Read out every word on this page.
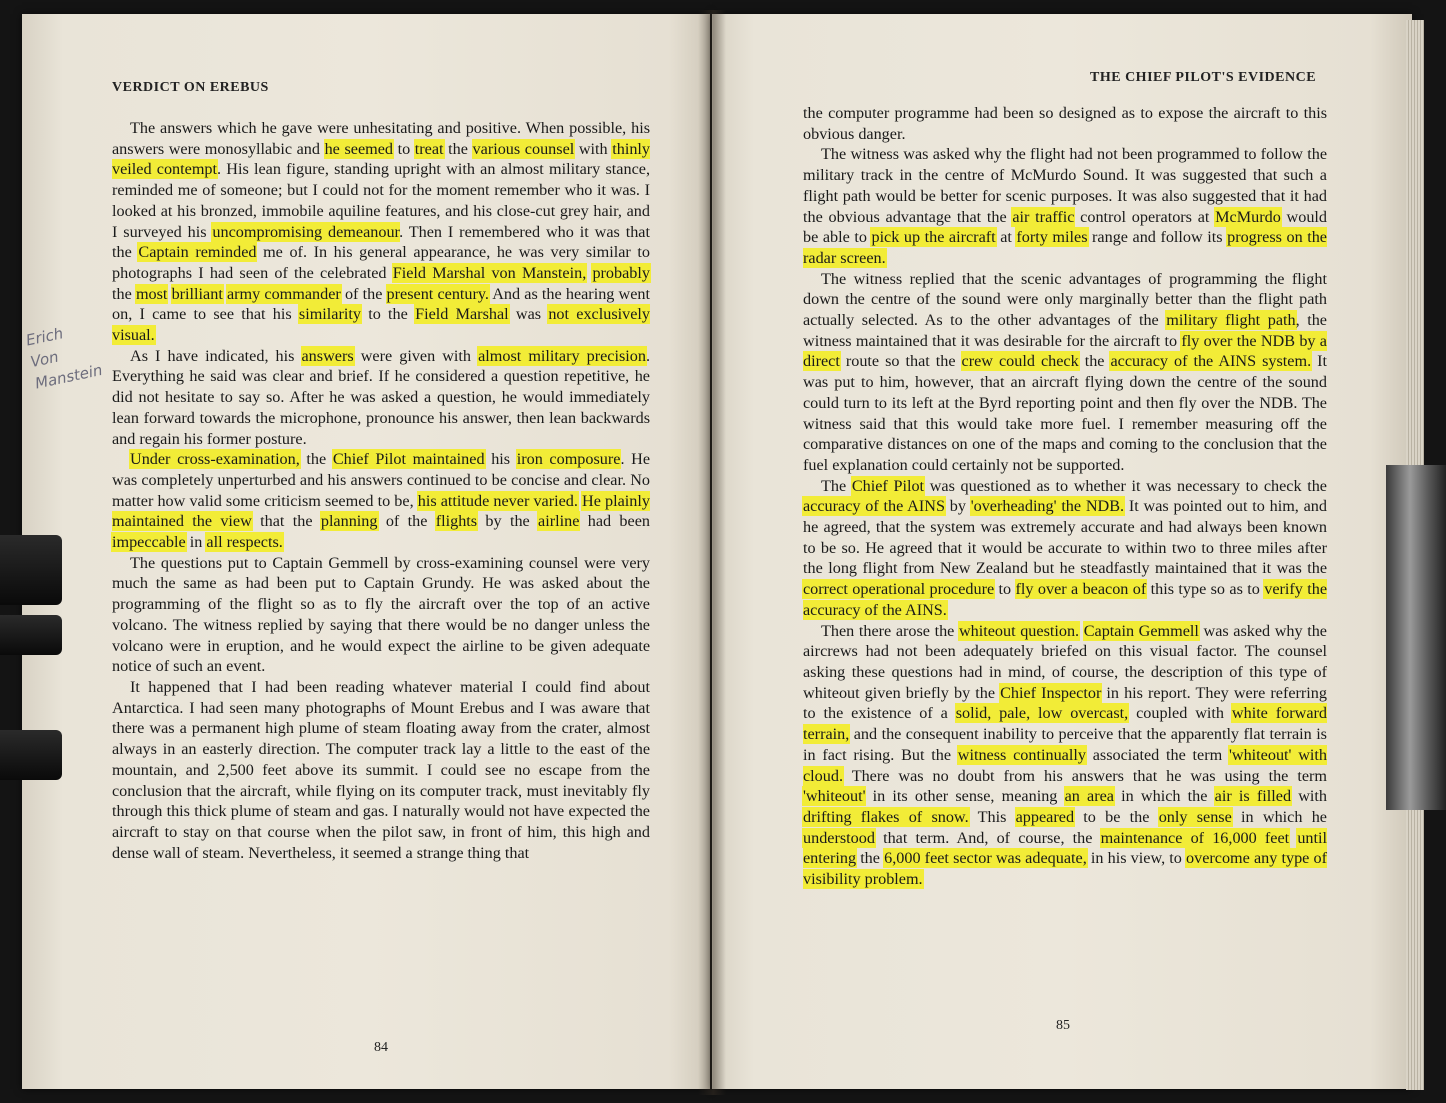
VERDICT ON EREBUS
THE CHIEF PILOT'S EVIDENCE
Erich Von Manstein

The answers which he gave were unhesitating and positive. When possible, his answers were monosyllabic and he seemed to treat the various counsel with thinly veiled contempt. His lean figure, standing upright with an almost military stance, reminded me of someone; but I could not for the moment remember who it was. I looked at his bronzed, immobile aquiline features, and his close-cut grey hair, and I surveyed his uncompromising demeanour. Then I remembered who it was that the Captain reminded me of. In his general appearance, he was very similar to photographs I had seen of the celebrated Field Marshal von Manstein, probably the most brilliant army commander of the present century. And as the hearing went on, I came to see that his similarity to the Field Marshal was not exclusively visual.

As I have indicated, his answers were given with almost military precision. Everything he said was clear and brief. If he considered a question repetitive, he did not hesitate to say so. After he was asked a question, he would immediately lean forward towards the microphone, pronounce his answer, then lean backwards and regain his former posture.

Under cross-examination, the Chief Pilot maintained his iron composure. He was completely unperturbed and his answers continued to be concise and clear. No matter how valid some criticism seemed to be, his attitude never varied. He plainly maintained the view that the planning of the flights by the airline had been impeccable in all respects.

The questions put to Captain Gemmell by cross-examining counsel were very much the same as had been put to Captain Grundy. He was asked about the programming of the flight so as to fly the aircraft over the top of an active volcano. The witness replied by saying that there would be no danger unless the volcano were in eruption, and he would expect the airline to be given adequate notice of such an event.

It happened that I had been reading whatever material I could find about Antarctica. I had seen many photographs of Mount Erebus and I was aware that there was a permanent high plume of steam floating away from the crater, almost always in an easterly direction. The computer track lay a little to the east of the mountain, and 2,500 feet above its summit. I could see no escape from the conclusion that the aircraft, while flying on its computer track, must inevitably fly through this thick plume of steam and gas. I naturally would not have expected the aircraft to stay on that course when the pilot saw, in front of him, this high and dense wall of steam. Nevertheless, it seemed a strange thing that

the computer programme had been so designed as to expose the aircraft to this obvious danger.

The witness was asked why the flight had not been programmed to follow the military track in the centre of McMurdo Sound. It was suggested that such a flight path would be better for scenic purposes. It was also suggested that it had the obvious advantage that the air traffic control operators at McMurdo would be able to pick up the aircraft at forty miles range and follow its progress on the radar screen.

The witness replied that the scenic advantages of programming the flight down the centre of the sound were only marginally better than the flight path actually selected. As to the other advantages of the military flight path, the witness maintained that it was desirable for the aircraft to fly over the NDB by a direct route so that the crew could check the accuracy of the AINS system. It was put to him, however, that an aircraft flying down the centre of the sound could turn to its left at the Byrd reporting point and then fly over the NDB. The witness said that this would take more fuel. I remember measuring off the comparative distances on one of the maps and coming to the conclusion that the fuel explanation could certainly not be supported.

The Chief Pilot was questioned as to whether it was necessary to check the accuracy of the AINS by 'overheading' the NDB. It was pointed out to him, and he agreed, that the system was extremely accurate and had always been known to be so. He agreed that it would be accurate to within two to three miles after the long flight from New Zealand but he steadfastly maintained that it was the correct operational procedure to fly over a beacon of this type so as to verify the accuracy of the AINS.

Then there arose the whiteout question. Captain Gemmell was asked why the aircrews had not been adequately briefed on this visual factor. The counsel asking these questions had in mind, of course, the description of this type of whiteout given briefly by the Chief Inspector in his report. They were referring to the existence of a solid, pale, low overcast, coupled with white forward terrain, and the consequent inability to perceive that the apparently flat terrain is in fact rising. But the witness continually associated the term 'whiteout' with cloud. There was no doubt from his answers that he was using the term 'whiteout' in its other sense, meaning an area in which the air is filled with drifting flakes of snow. This appeared to be the only sense in which he understood that term. And, of course, the maintenance of 16,000 feet until entering the 6,000 feet sector was adequate, in his view, to overcome any type of visibility problem.

84
85
